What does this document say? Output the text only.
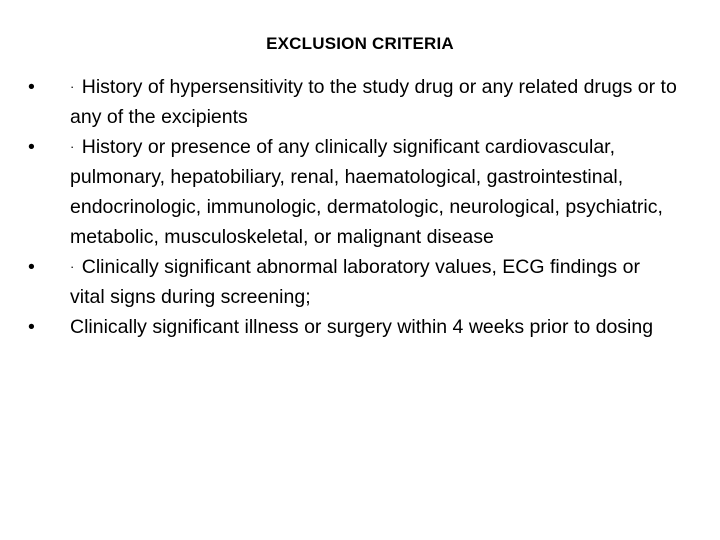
EXCLUSION CRITERIA
•	· History of hypersensitivity to the study drug or any related drugs or to any of the excipients
•	· History or presence of any clinically significant cardiovascular, pulmonary, hepatobiliary, renal, haematological, gastrointestinal, endocrinologic, immunologic, dermatologic, neurological, psychiatric, metabolic, musculoskeletal, or malignant disease
•	· Clinically significant abnormal laboratory values, ECG findings or vital signs during screening;
•	Clinically significant illness or surgery within 4 weeks prior to dosing
